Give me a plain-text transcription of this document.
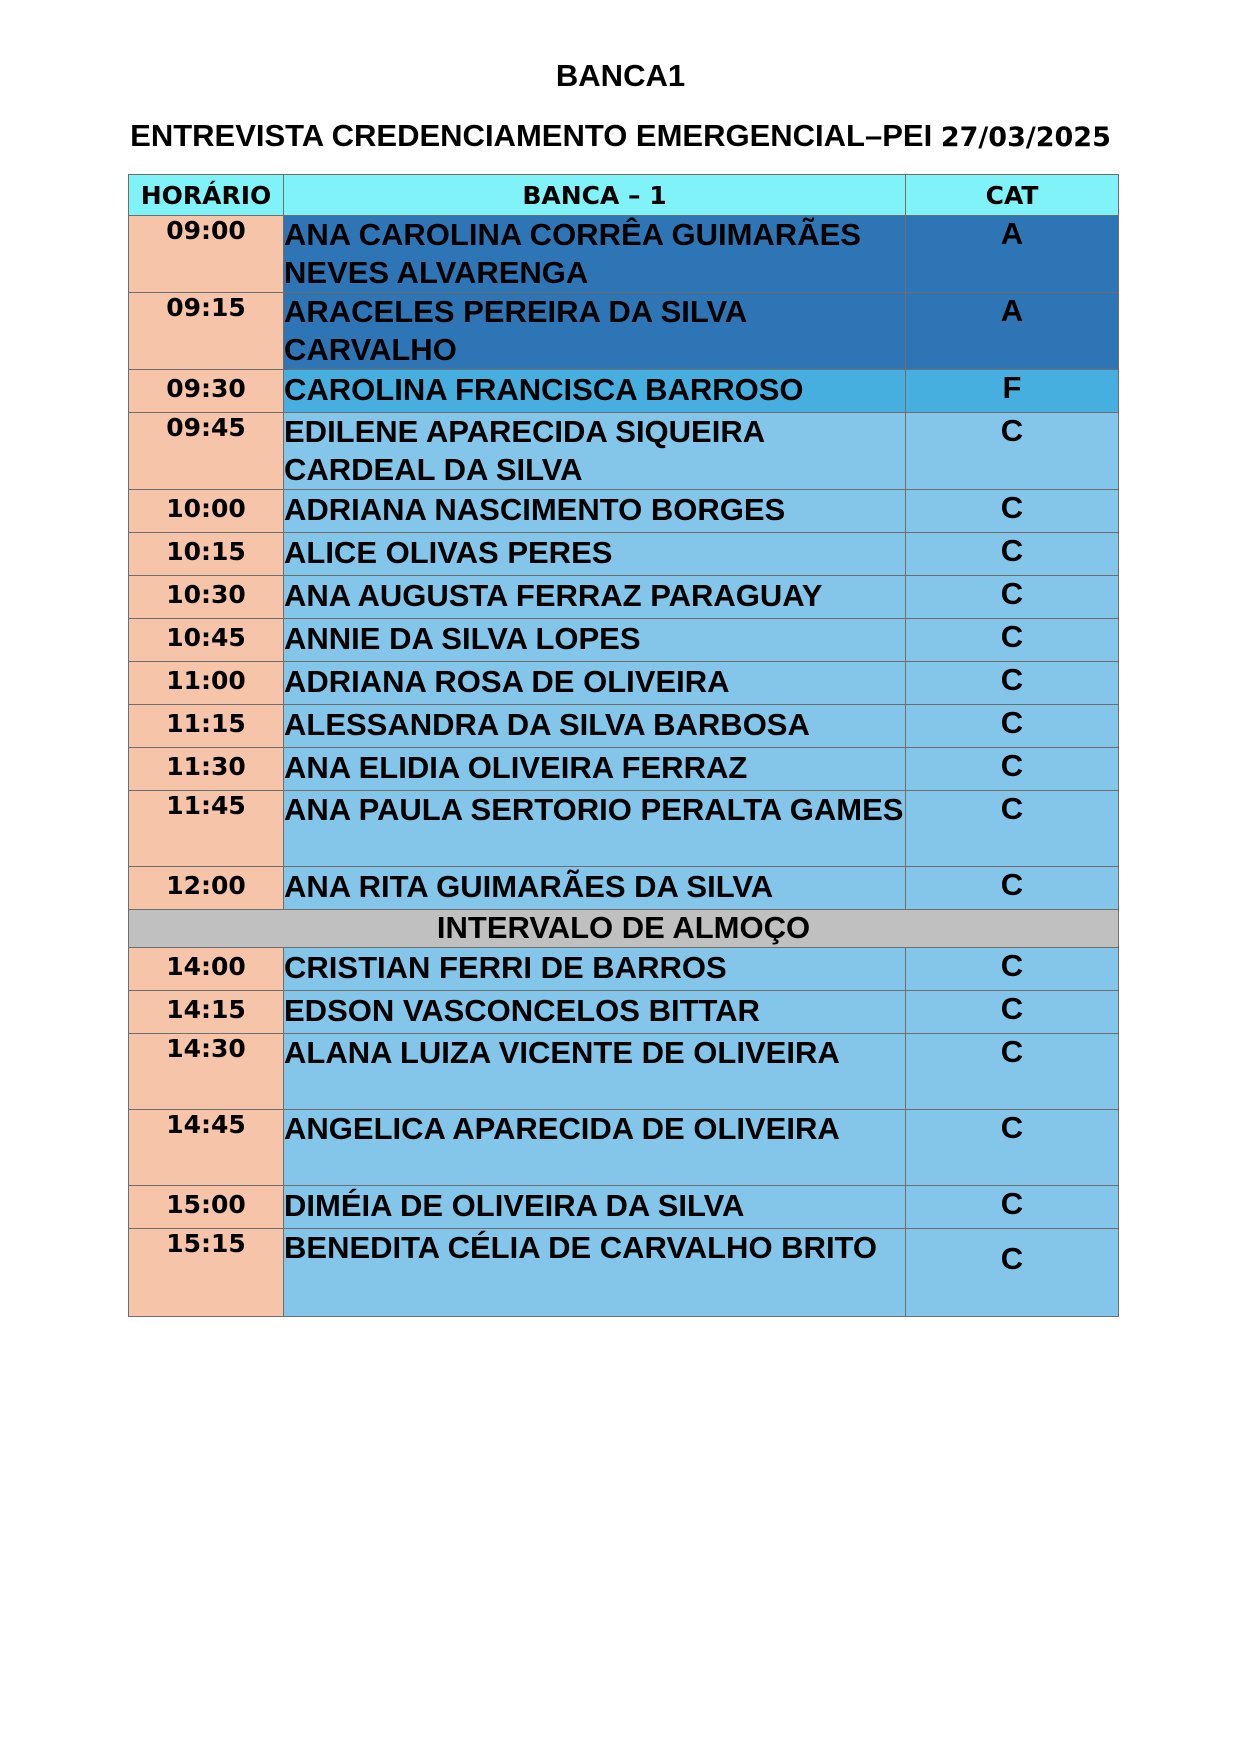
BANCA1
ENTREVISTA CREDENCIAMENTO EMERGENCIAL–PEI 27/03/2025
HORÁRIO	BANCA – 1	CAT
09:00	ANA CAROLINA CORRÊA GUIMARÃES NEVES ALVARENGA	A
09:15	ARACELES PEREIRA DA SILVA CARVALHO	A
09:30	CAROLINA FRANCISCA BARROSO	F
09:45	EDILENE APARECIDA SIQUEIRA CARDEAL DA SILVA	C
10:00	ADRIANA NASCIMENTO BORGES	C
10:15	ALICE OLIVAS PERES	C
10:30	ANA AUGUSTA FERRAZ PARAGUAY	C
10:45	ANNIE DA SILVA LOPES	C
11:00	ADRIANA ROSA DE OLIVEIRA	C
11:15	ALESSANDRA DA SILVA BARBOSA	C
11:30	ANA ELIDIA OLIVEIRA FERRAZ	C
11:45	ANA PAULA SERTORIO PERALTA GAMES	C
12:00	ANA RITA GUIMARÃES DA SILVA	C
INTERVALO DE ALMOÇO		
14:00	CRISTIAN FERRI DE BARROS	C
14:15	EDSON VASCONCELOS BITTAR	C
14:30	ALANA LUIZA VICENTE DE OLIVEIRA	C
14:45	ANGELICA APARECIDA DE OLIVEIRA	C
15:00	DIMÉIA DE OLIVEIRA DA SILVA	C
15:15	BENEDITA CÉLIA DE CARVALHO BRITO	C
